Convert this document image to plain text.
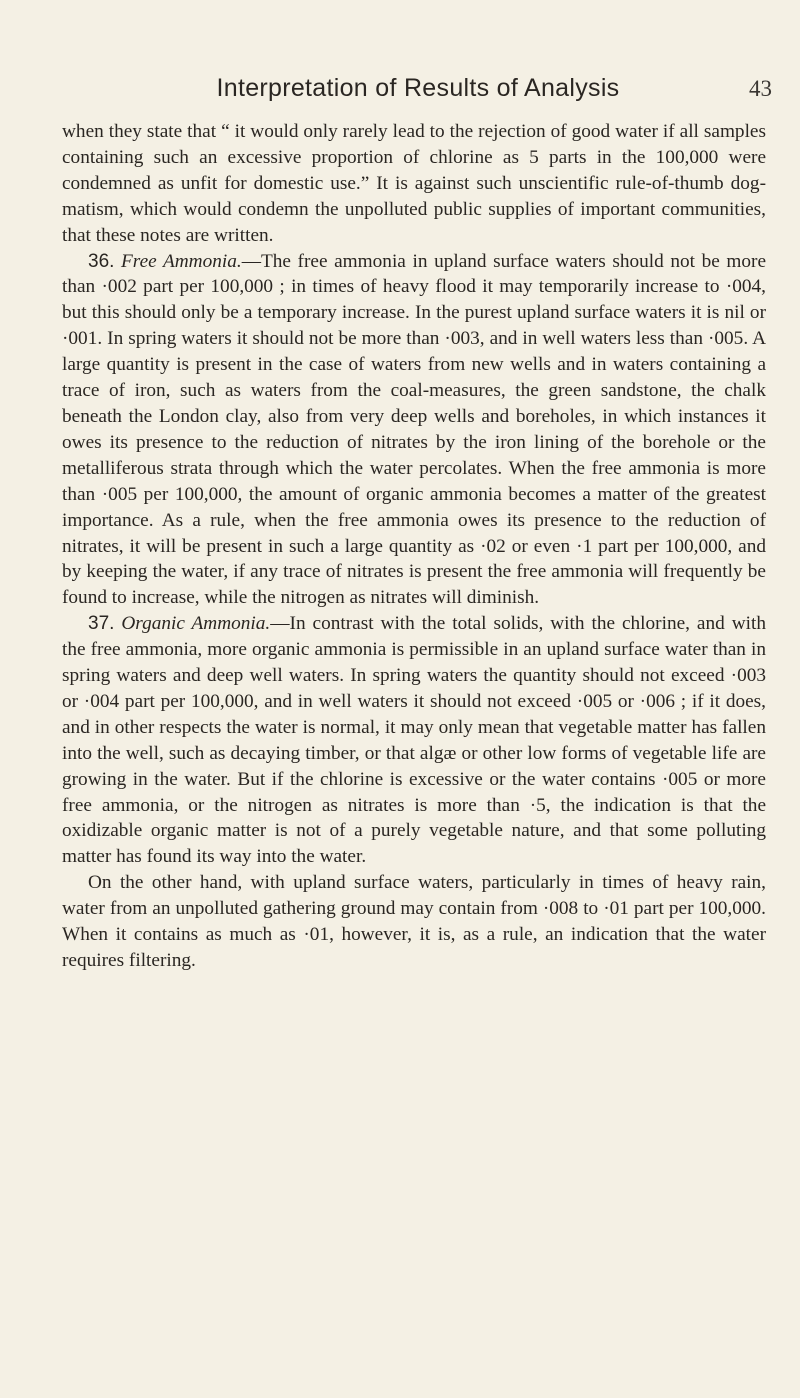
Interpretation of Results of Analysis	43

when they state that “ it would only rarely lead to the rejection of good water if all samples containing such an excessive proportion of chlorine as 5 parts in the 100,000 were condemned as unfit for domestic use.” It is against such unscientific rule-of-thumb dog-matism, which would condemn the unpolluted public supplies of important communities, that these notes are written.

36. Free Ammonia.—The free ammonia in upland surface waters should not be more than ·002 part per 100,000 ; in times of heavy flood it may temporarily increase to ·004, but this should only be a temporary increase. In the purest upland surface waters it is nil or ·001. In spring waters it should not be more than ·003, and in well waters less than ·005. A large quantity is present in the case of waters from new wells and in waters containing a trace of iron, such as waters from the coal-measures, the green sandstone, the chalk beneath the London clay, also from very deep wells and boreholes, in which instances it owes its presence to the reduction of nitrates by the iron lining of the borehole or the metalliferous strata through which the water percolates. When the free ammonia is more than ·005 per 100,000, the amount of organic ammonia becomes a matter of the greatest importance. As a rule, when the free ammonia owes its presence to the reduction of nitrates, it will be present in such a large quantity as ·02 or even ·1 part per 100,000, and by keeping the water, if any trace of nitrates is present the free ammonia will frequently be found to increase, while the nitrogen as nitrates will diminish.

37. Organic Ammonia.—In contrast with the total solids, with the chlorine, and with the free ammonia, more organic ammonia is permissible in an upland surface water than in spring waters and deep well waters. In spring waters the quantity should not exceed ·003 or ·004 part per 100,000, and in well waters it should not exceed ·005 or ·006 ; if it does, and in other respects the water is normal, it may only mean that vegetable matter has fallen into the well, such as decaying timber, or that algæ or other low forms of vegetable life are growing in the water. But if the chlorine is excessive or the water contains ·005 or more free ammonia, or the nitrogen as nitrates is more than ·5, the indication is that the oxidizable organic matter is not of a purely vegetable nature, and that some polluting matter has found its way into the water.

On the other hand, with upland surface waters, particularly in times of heavy rain, water from an unpolluted gathering ground may contain from ·008 to ·01 part per 100,000. When it contains as much as ·01, however, it is, as a rule, an indication that the water requires filtering.
